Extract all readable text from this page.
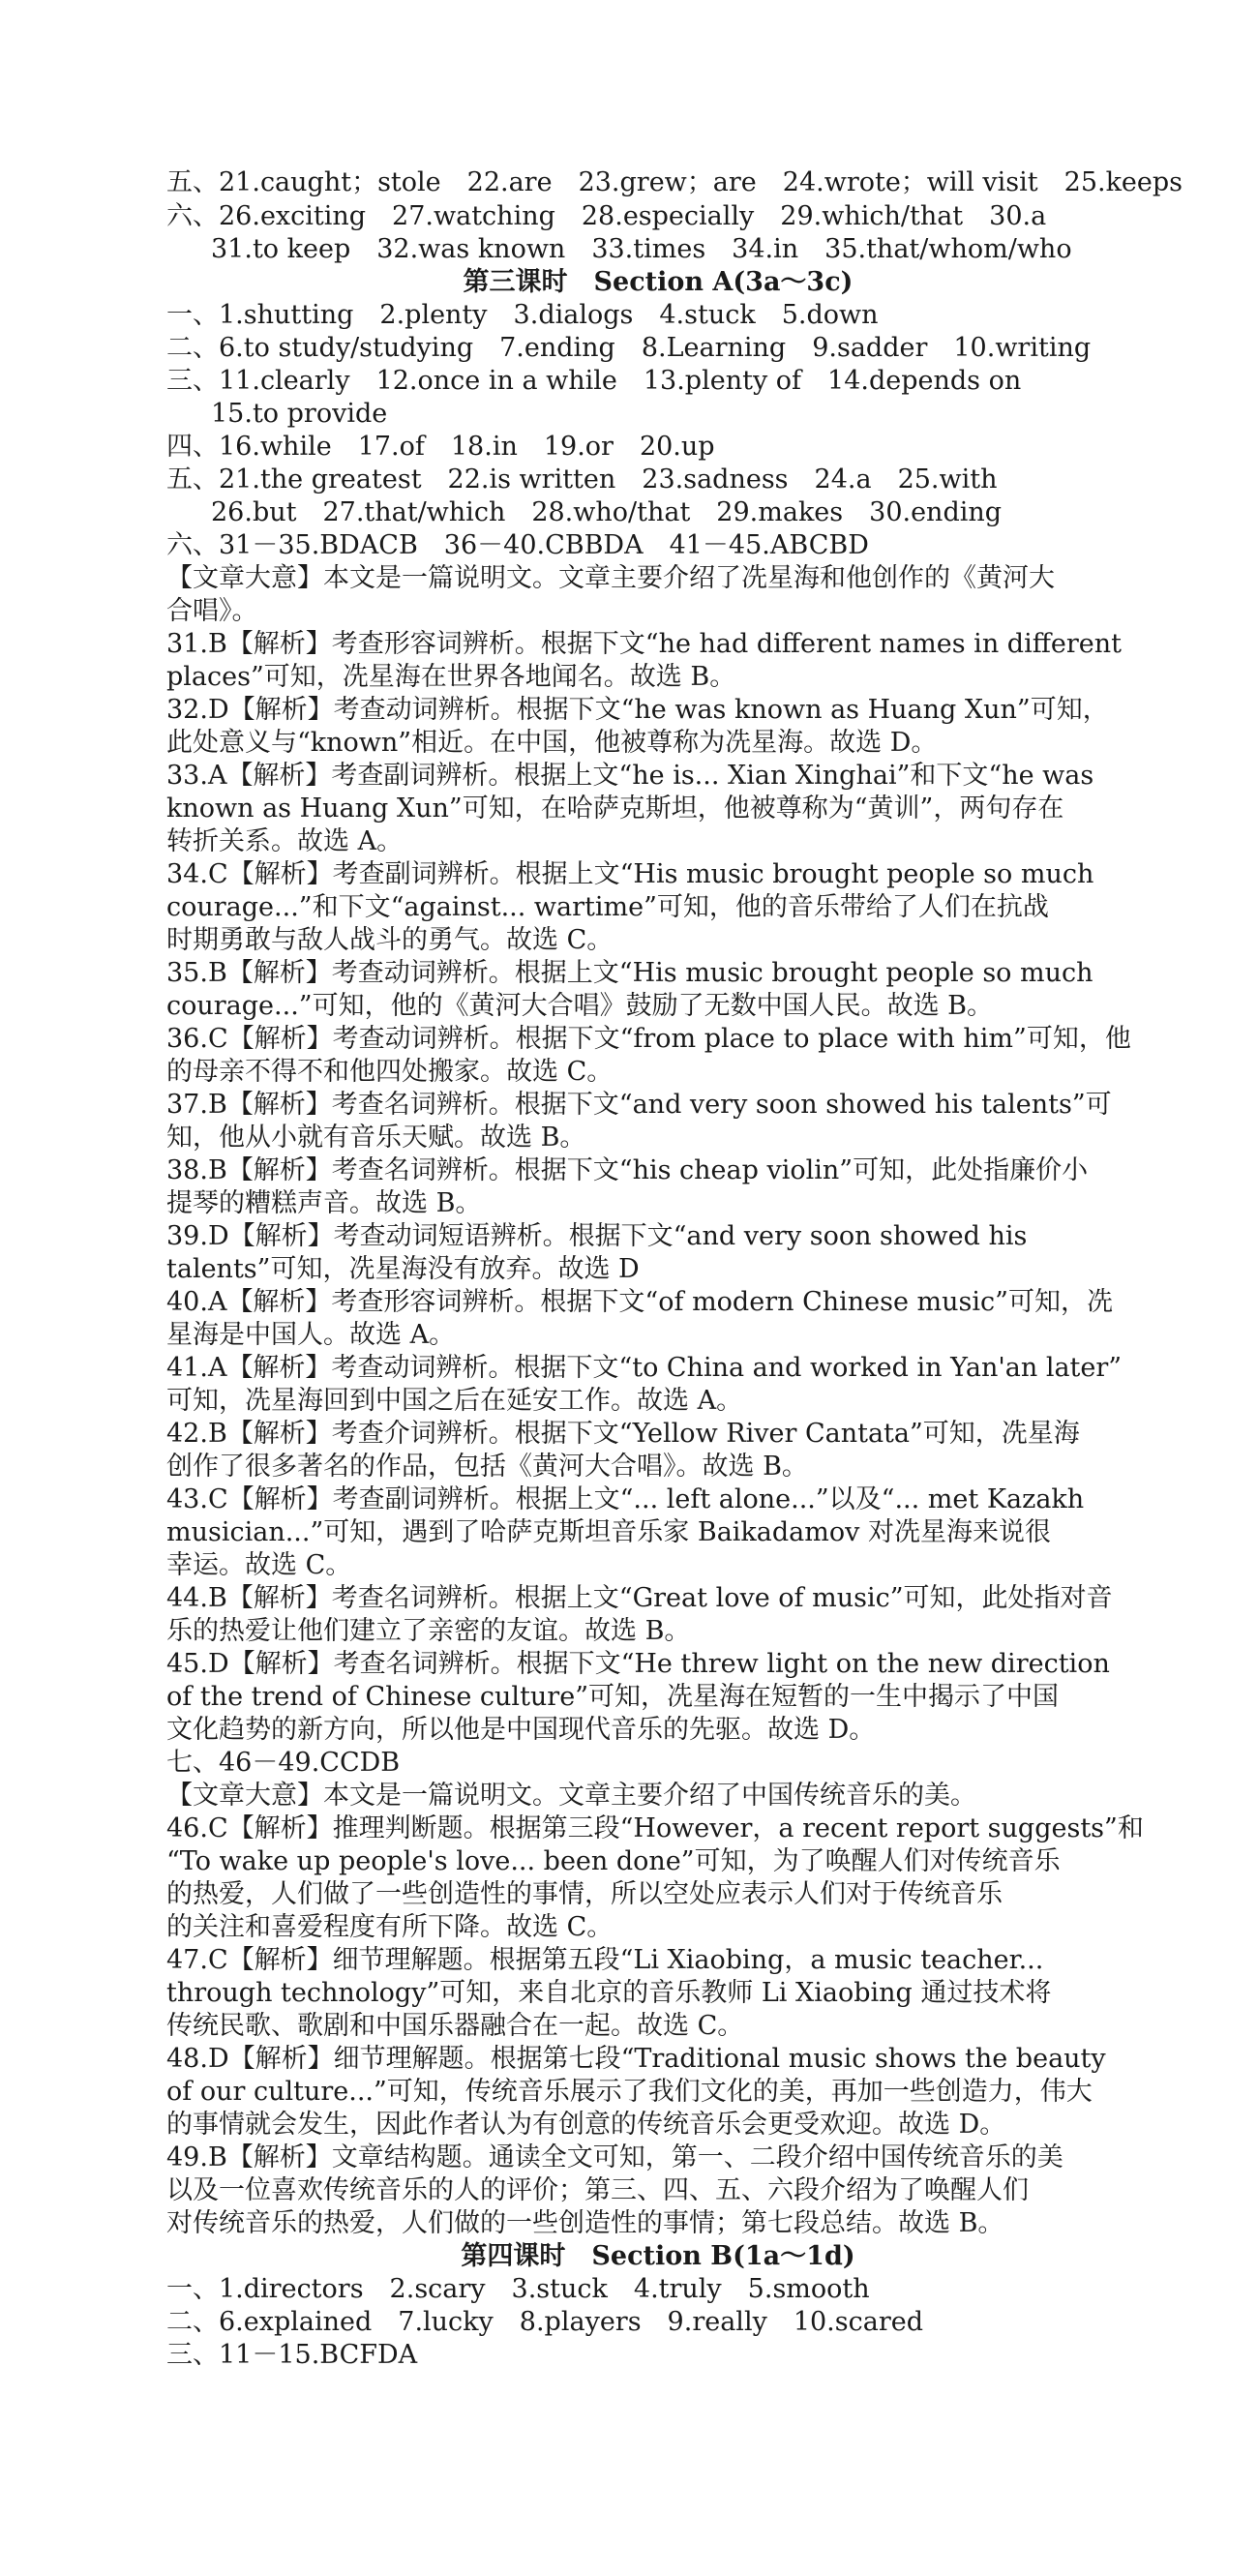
五、21.caught；stole　22.are　23.grew；are　24.wrote；will visit　25.keeps
六、26.exciting　27.watching　28.especially　29.which/that　30.a
31.to keep　32.was known　33.times　34.in　35.that/whom/who
第三课时　Section A(3a～3c)
一、1.shutting　2.plenty　3.dialogs　4.stuck　5.down
二、6.to study/studying　7.ending　8.Learning　9.sadder　10.writing
三、11.clearly　12.once in a while　13.plenty of　14.depends on
15.to provide
四、16.while　17.of　18.in　19.or　20.up
五、21.the greatest　22.is written　23.sadness　24.a　25.with
26.but　27.that/which　28.who/that　29.makes　30.ending
六、31－35.BDACB　36－40.CBBDA　41－45.ABCBD
【文章大意】本文是一篇说明文。文章主要介绍了冼星海和他创作的《黄河大
合唱》。
31.B【解析】考查形容词辨析。根据下文“he had different names in different
places”可知，冼星海在世界各地闻名。故选 B。
32.D【解析】考查动词辨析。根据下文“he was known as Huang Xun”可知，
此处意义与“known”相近。在中国，他被尊称为冼星海。故选 D。
33.A【解析】考查副词辨析。根据上文“he is... Xian Xinghai”和下文“he was
known as Huang Xun”可知，在哈萨克斯坦，他被尊称为“黄训”，两句存在
转折关系。故选 A。
34.C【解析】考查副词辨析。根据上文“His music brought people so much
courage...”和下文“against... wartime”可知，他的音乐带给了人们在抗战
时期勇敢与敌人战斗的勇气。故选 C。
35.B【解析】考查动词辨析。根据上文“His music brought people so much
courage...”可知，他的《黄河大合唱》鼓励了无数中国人民。故选 B。
36.C【解析】考查动词辨析。根据下文“from place to place with him”可知，他
的母亲不得不和他四处搬家。故选 C。
37.B【解析】考查名词辨析。根据下文“and very soon showed his talents”可
知，他从小就有音乐天赋。故选 B。
38.B【解析】考查名词辨析。根据下文“his cheap violin”可知，此处指廉价小
提琴的糟糕声音。故选 B。
39.D【解析】考查动词短语辨析。根据下文“and very soon showed his
talents”可知，冼星海没有放弃。故选 D
40.A【解析】考查形容词辨析。根据下文“of modern Chinese music”可知，冼
星海是中国人。故选 A。
41.A【解析】考查动词辨析。根据下文“to China and worked in Yan'an later”
可知，冼星海回到中国之后在延安工作。故选 A。
42.B【解析】考查介词辨析。根据下文“Yellow River Cantata”可知，冼星海
创作了很多著名的作品，包括《黄河大合唱》。故选 B。
43.C【解析】考查副词辨析。根据上文“... left alone...”以及“... met Kazakh
musician...”可知，遇到了哈萨克斯坦音乐家 Baikadamov 对冼星海来说很
幸运。故选 C。
44.B【解析】考查名词辨析。根据上文“Great love of music”可知，此处指对音
乐的热爱让他们建立了亲密的友谊。故选 B。
45.D【解析】考查名词辨析。根据下文“He threw light on the new direction
of the trend of Chinese culture”可知，冼星海在短暂的一生中揭示了中国
文化趋势的新方向，所以他是中国现代音乐的先驱。故选 D。
七、46－49.CCDB
【文章大意】本文是一篇说明文。文章主要介绍了中国传统音乐的美。
46.C【解析】推理判断题。根据第三段“However，a recent report suggests”和
“To wake up people's love... been done”可知，为了唤醒人们对传统音乐
的热爱，人们做了一些创造性的事情，所以空处应表示人们对于传统音乐
的关注和喜爱程度有所下降。故选 C。
47.C【解析】细节理解题。根据第五段“Li Xiaobing，a music teacher...
through technology”可知，来自北京的音乐教师 Li Xiaobing 通过技术将
传统民歌、歌剧和中国乐器融合在一起。故选 C。
48.D【解析】细节理解题。根据第七段“Traditional music shows the beauty
of our culture...”可知，传统音乐展示了我们文化的美，再加一些创造力，伟大
的事情就会发生，因此作者认为有创意的传统音乐会更受欢迎。故选 D。
49.B【解析】文章结构题。通读全文可知，第一、二段介绍中国传统音乐的美
以及一位喜欢传统音乐的人的评价；第三、四、五、六段介绍为了唤醒人们
对传统音乐的热爱，人们做的一些创造性的事情；第七段总结。故选 B。
第四课时　Section B(1a～1d)
一、1.directors　2.scary　3.stuck　4.truly　5.smooth
二、6.explained　7.lucky　8.players　9.really　10.scared
三、11－15.BCFDA
